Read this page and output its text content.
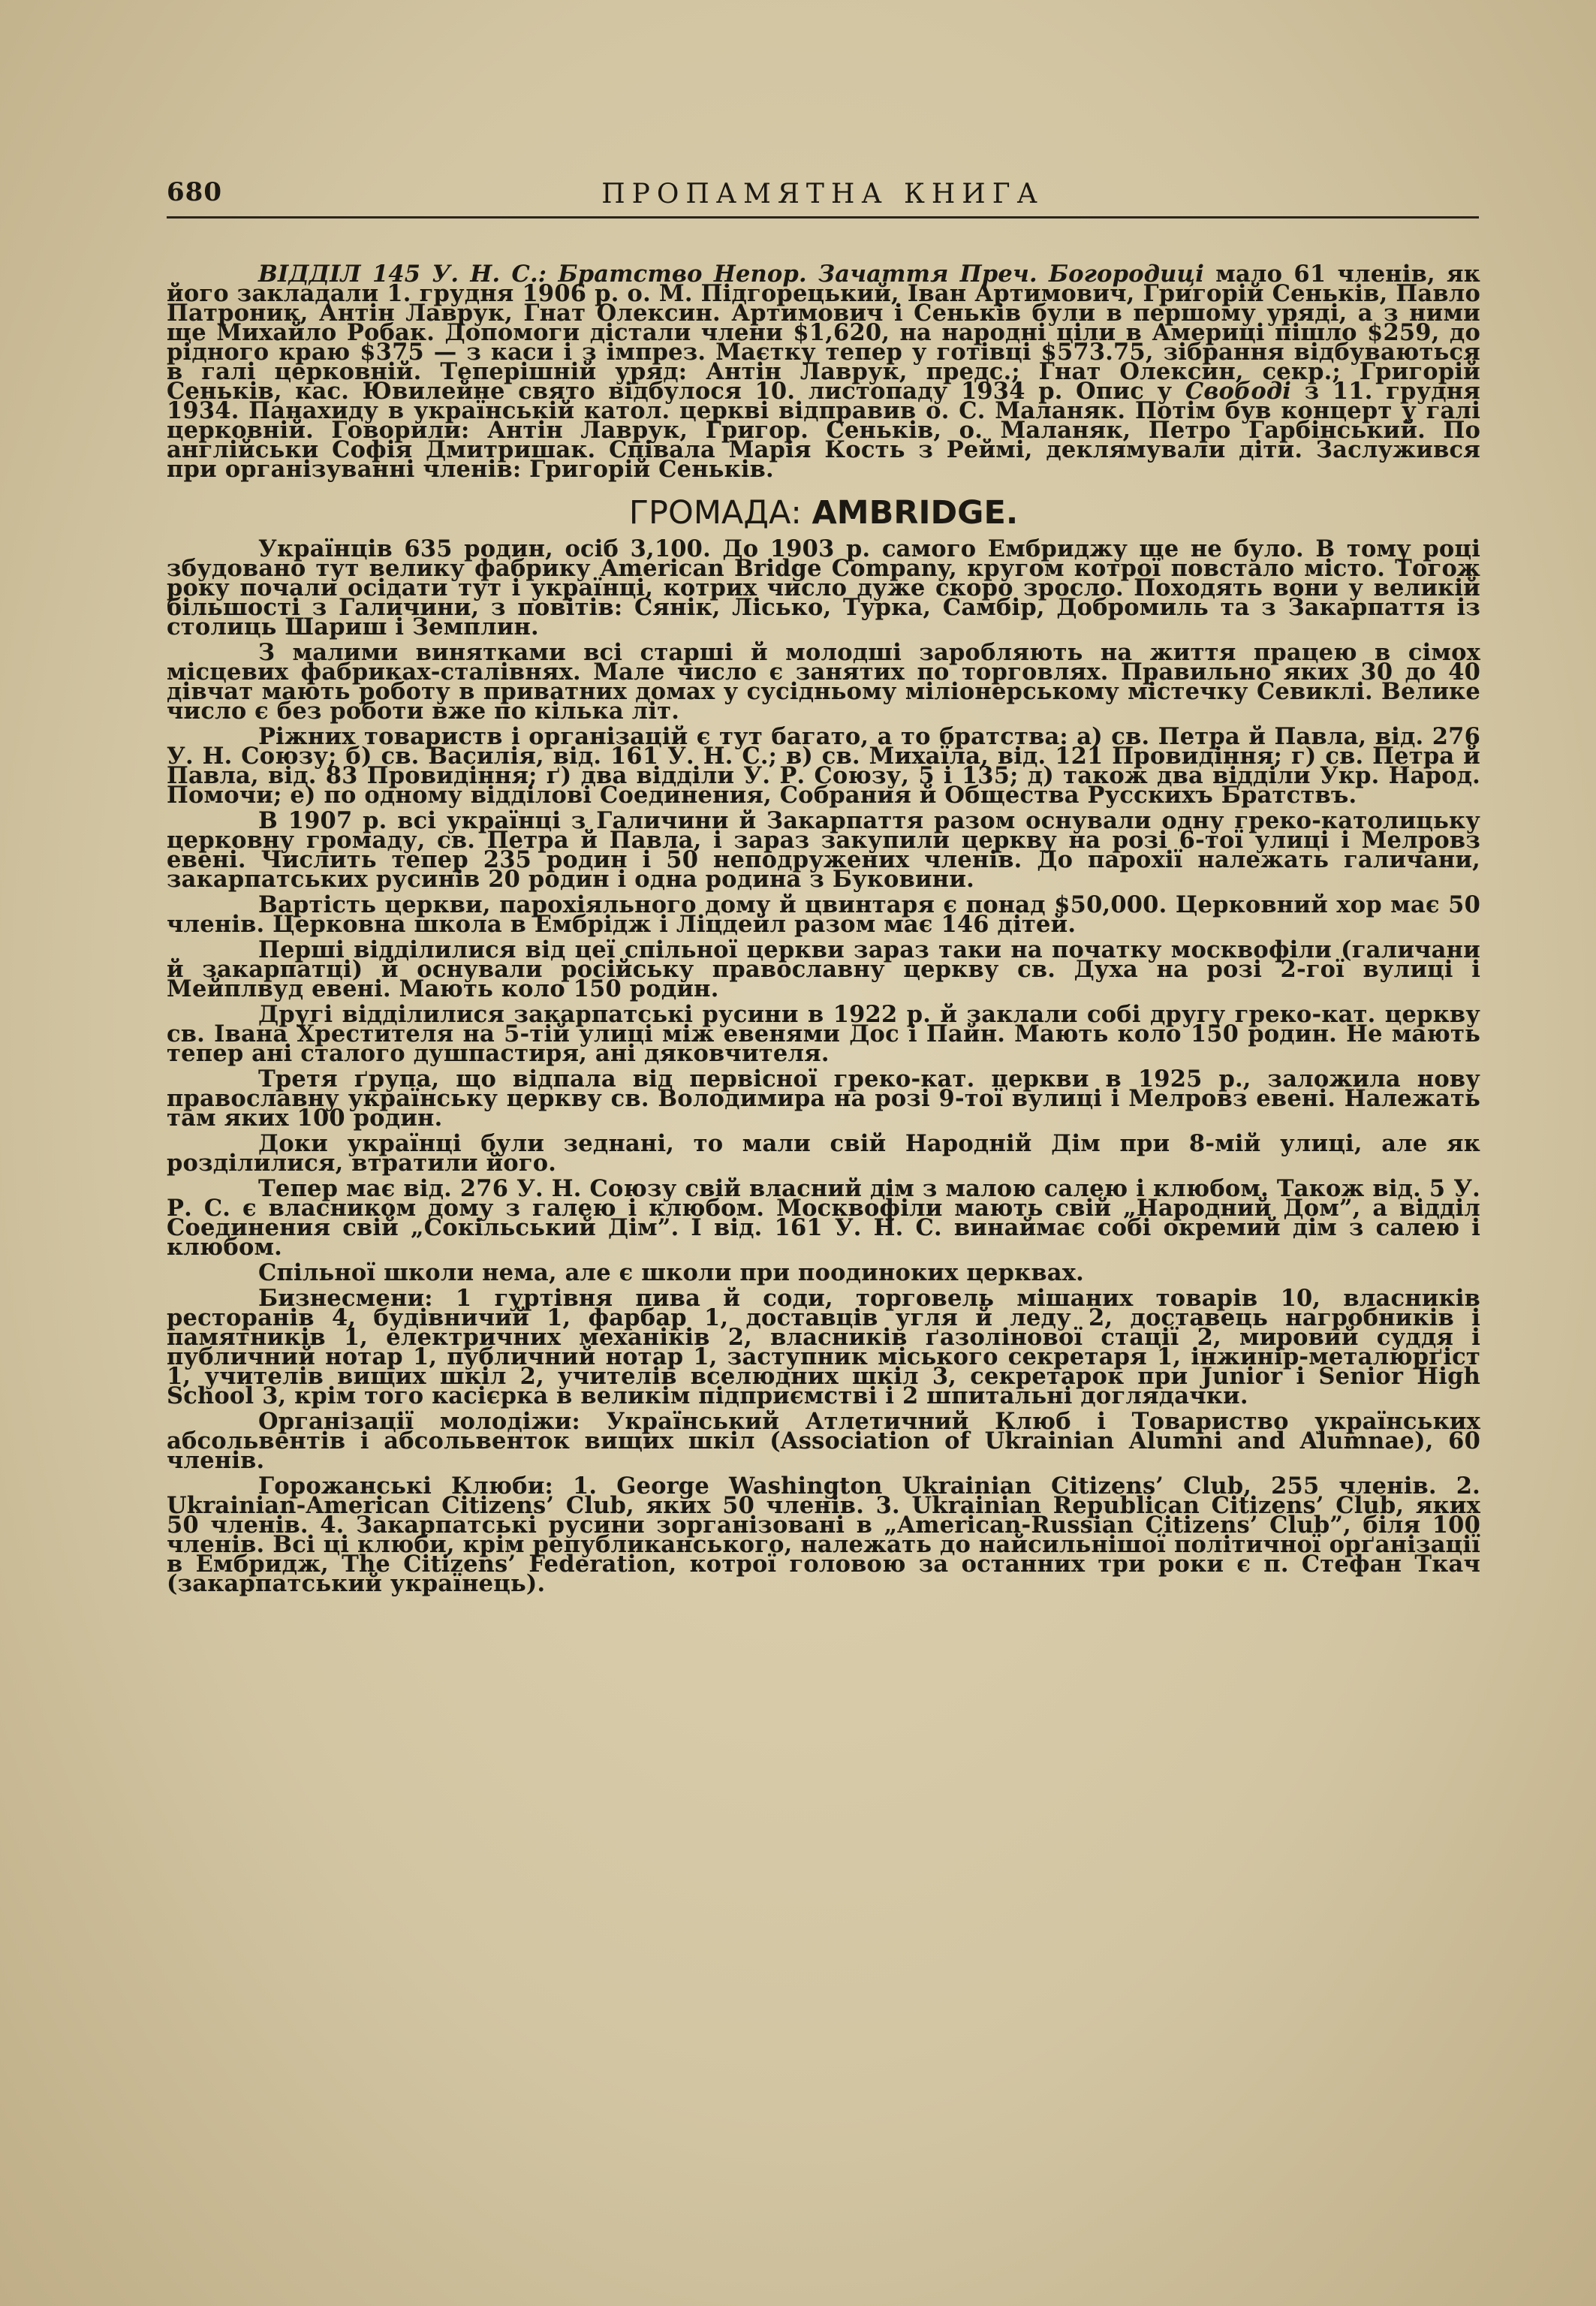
680	ПРОПАМЯТНА КНИГА

ВІДДІЛ 145 У. Н. С.: Братство Непор. Зачаття Преч. Богородиці мало 61 членів, як його закладали 1. грудня 1906 р. о. М. Підгорецький, Іван Артимович, Григорій Сеньків, Павло Патроник, Антін Лаврук, Гнат Олексин. Артимович і Сеньків були в першому уряді, а з ними ще Михайло Робак. Допомоги дістали члени $1,620, на народні ціли в Америці пішло $259, до рідного краю $375 — з каси і з імпрез. Маєтку тепер у готівці $573.75, зібрання відбуваються в галі церковній. Теперішній уряд: Антін Лаврук, предс.; Гнат Олексин, секр.; Григорій Сеньків, кас. Ювилейне свято відбулося 10. листопаду 1934 р. Опис у Свободі з 11. грудня 1934. Панахиду в українській катол. церкві відправив о. С. Маланяк. Потім був концерт у галі церковній. Говорили: Антін Лаврук, Григор. Сеньків, о. Маланяк, Петро Гарбінський. По англійськи Софія Дмитришак. Співала Марія Кость з Реймі, деклямували діти. Заслужився при організуванні членів: Григорій Сеньків.

ГРОМАДА: AMBRIDGE.

Українців 635 родин, осіб 3,100. До 1903 р. самого Ембриджу ще не було. В тому році збудовано тут велику фабрику American Bridge Company, кругом котрої повстало місто. Тогож року почали осідати тут і українці, котрих число дуже скоро зросло. Походять вони у великій більшості з Галичини, з повітів: Сянік, Лісько, Турка, Самбір, Добромиль та з Закарпаття із столиць Шариш і Земплин.

З малими винятками всі старші й молодші заробляють на життя працею в сімох місцевих фабриках-сталівнях. Мале число є занятих по торговлях. Правильно яких 30 до 40 дівчат мають роботу в приватних домах у сусідньому міліонерському містечку Севиклі. Велике число є без роботи вже по кілька літ.

Ріжних товариств і організацій є тут багато, а то братства: а) св. Петра й Павла, від. 276 У. Н. Союзу; б) св. Василія, від. 161 У. Н. С.; в) св. Михаїла, від. 121 Провидіння; г) св. Петра й Павла, від. 83 Провидіння; ґ) два відділи У. Р. Союзу, 5 і 135; д) також два відділи Укр. Народ. Помочи; е) по одному відділові Соединения, Собрания й Общества Русскихъ Братствъ.

В 1907 р. всі українці з Галичини й Закарпаття разом оснували одну греко-католицьку церковну громаду, св. Петра й Павла, і зараз закупили церкву на розі 6-тої улиці і Мелровз евені. Числить тепер 235 родин і 50 неподружених членів. До парохії належать галичани, закарпатських русинів 20 родин і одна родина з Буковини.

Вартість церкви, парохіяльного дому й цвинтаря є понад $50,000. Церковний хор має 50 членів. Церковна школа в Ембрідж і Ліцдейл разом має 146 дітей.

Перші відділилися від цеї спільної церкви зараз таки на початку москвофіли (галичани й закарпатці) й оснували російську православну церкву св. Духа на розі 2-гої вулиці і Мейплвуд евені. Мають коло 150 родин.

Другі відділилися закарпатські русини в 1922 р. й заклали собі другу греко-кат. церкву св. Івана Хрестителя на 5-тій улиці між евенями Дос і Пайн. Мають коло 150 родин. Не мають тепер ані сталого душпастиря, ані дяковчителя.

Третя ґрупа, що відпала від первісної греко-кат. церкви в 1925 р., заложила нову православну українську церкву св. Володимира на розі 9-тої вулиці і Мелровз евені. Належать там яких 100 родин.

Доки українці були зеднані, то мали свій Народній Дім при 8-мій улиці, але як розділилися, втратили його.

Тепер має від. 276 У. Н. Союзу свій власний дім з малою салею і клюбом. Також від. 5 У. Р. С. є власником дому з галею і клюбом. Москвофіли мають свій „Народний Дом”, а відділ Соединения свій „Сокільський Дім”. І від. 161 У. Н. С. винаймає собі окремий дім з салею і клюбом.

Спільної школи нема, але є школи при поодиноких церквах.

Бизнесмени: 1 гуртівня пива й соди, торговель мішаних товарів 10, власників ресторанів 4, будівничий 1, фарбар 1, доставців угля й леду 2, доставець нагробників і памятників 1, електричних механіків 2, власників ґазолінової стації 2, мировий суддя і публичний нотар 1, публичний нотар 1, заступник міського секретаря 1, інжинір-металюрґіст 1, учителів вищих шкіл 2, учителів вселюдних шкіл 3, секретарок при Junior і Senior High School 3, крім того касієрка в великім підприємстві і 2 шпитальні доглядачки.

Організації молодіжи: Український Атлетичний Клюб і Товариство українських абсольвентів і абсольвенток вищих шкіл (Association of Ukrainian Alumni and Alumnae), 60 членів.

Горожанські Клюби: 1. George Washington Ukrainian Citizens’ Club, 255 членів. 2. Ukrainian-American Citizens’ Club, яких 50 членів. 3. Ukrainian Republican Citizens’ Club, яких 50 членів. 4. Закарпатські русини зорганізовані в „American-Russian Citizens’ Club”, біля 100 членів. Всі ці клюби, крім републиканського, належать до найсильнішої політичної орґанізації в Ембридж, The Citizens’ Federation, котрої головою за останних три роки є п. Стефан Ткач (закарпатський українець).
